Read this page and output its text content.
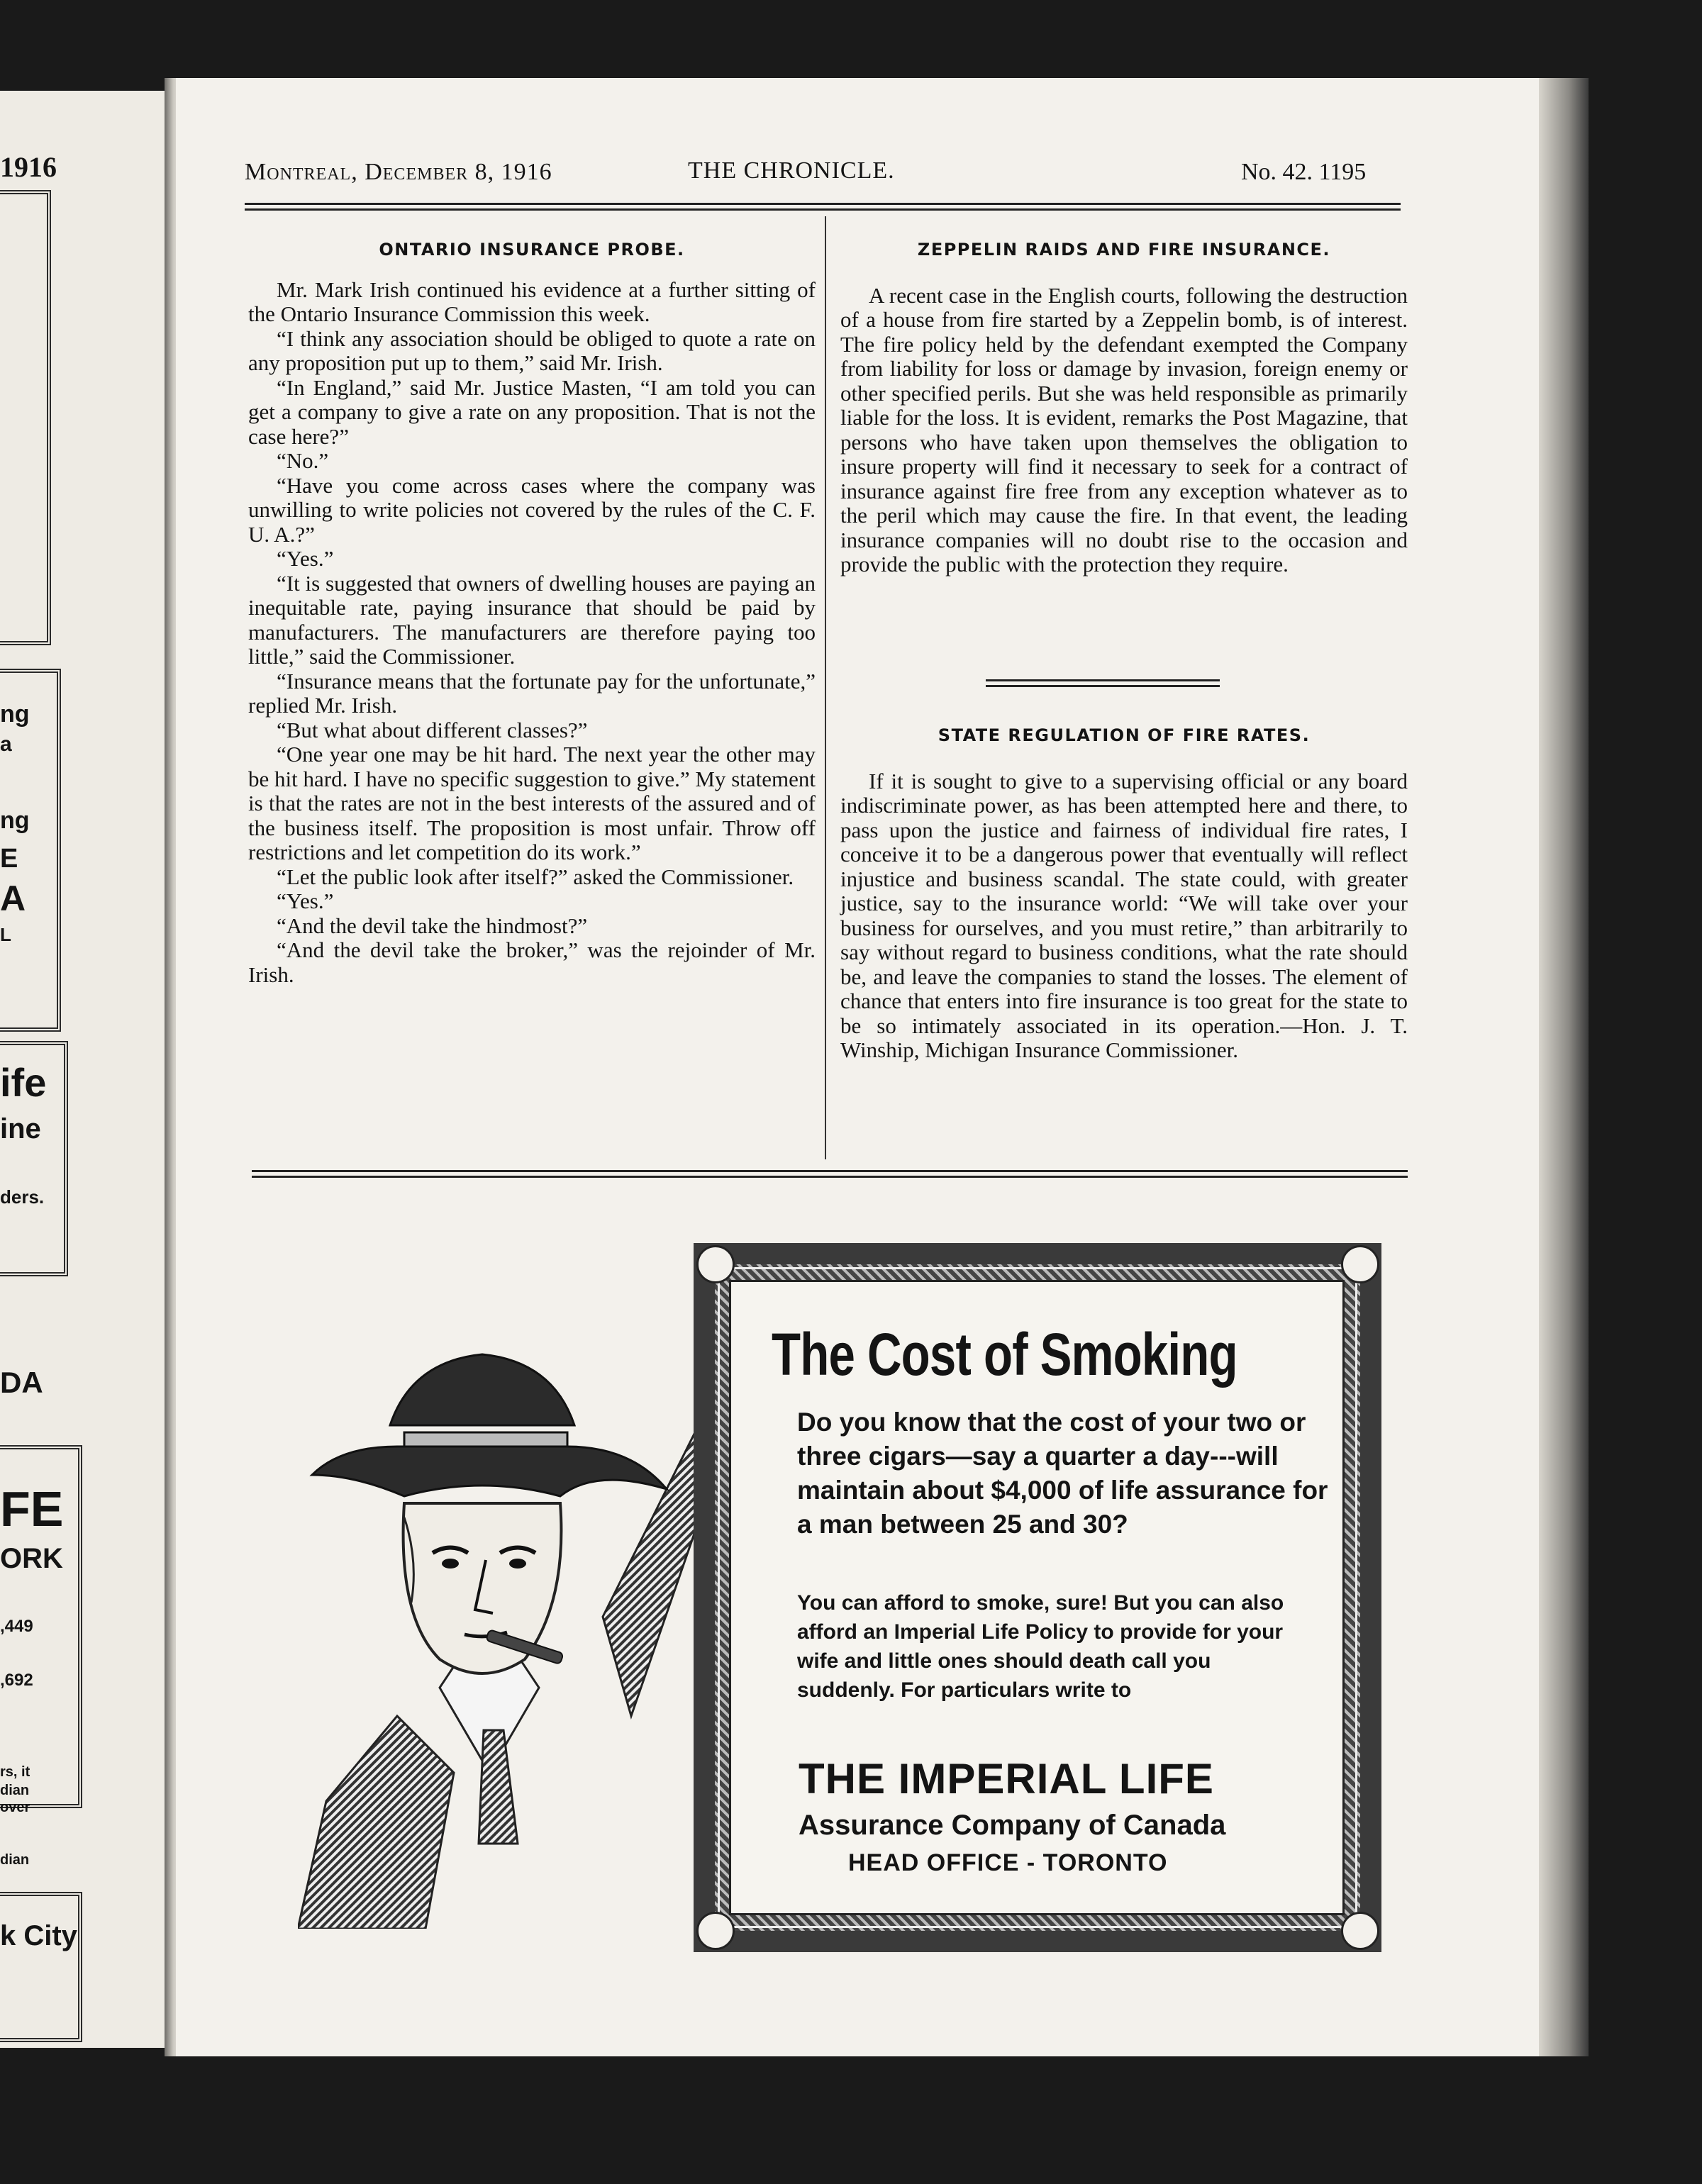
1916
ng
a
ng
E
A
L
ife
ine
ders.
DA
FE
ORK
,449
,692
rs, it
dian
over
dian
k City
Montreal, December 8, 1916	THE CHRONICLE.	No. 42. 1195

ONTARIO INSURANCE PROBE.

Mr. Mark Irish continued his evidence at a further sitting of the Ontario Insurance Commission this week.

“I think any association should be obliged to quote a rate on any proposition put up to them,” said Mr. Irish.

“In England,” said Mr. Justice Masten, “I am told you can get a company to give a rate on any proposition. That is not the case here?”

“No.”

“Have you come across cases where the company was unwilling to write policies not covered by the rules of the C. F. U. A.?”

“Yes.”

“It is suggested that owners of dwelling houses are paying an inequitable rate, paying insurance that should be paid by manufacturers. The manufacturers are therefore paying too little,” said the Commissioner.

“Insurance means that the fortunate pay for the unfortunate,” replied Mr. Irish.

“But what about different classes?”

“One year one may be hit hard. The next year the other may be hit hard. I have no specific suggestion to give.” My statement is that the rates are not in the best interests of the assured and of the business itself. The proposition is most unfair. Throw off restrictions and let competition do its work.”

“Let the public look after itself?” asked the Commissioner.

“Yes.”

“And the devil take the hindmost?”

“And the devil take the broker,” was the rejoinder of Mr. Irish.

ZEPPELIN RAIDS AND FIRE INSURANCE.

A recent case in the English courts, following the destruction of a house from fire started by a Zeppelin bomb, is of interest. The fire policy held by the defendant exempted the Company from liability for loss or damage by invasion, foreign enemy or other specified perils. But she was held responsible as primarily liable for the loss. It is evident, remarks the Post Magazine, that persons who have taken upon themselves the obligation to insure property will find it necessary to seek for a contract of insurance against fire free from any exception whatever as to the peril which may cause the fire. In that event, the leading insurance companies will no doubt rise to the occasion and provide the public with the protection they require.

STATE REGULATION OF FIRE RATES.

If it is sought to give to a supervising official or any board indiscriminate power, as has been attempted here and there, to pass upon the justice and fairness of individual fire rates, I conceive it to be a dangerous power that eventually will reflect injustice and business scandal. The state could, with greater justice, say to the insurance world: “We will take over your business for ourselves, and you must retire,” than arbitrarily to say without regard to business conditions, what the rate should be, and leave the companies to stand the losses. The element of chance that enters into fire insurance is too great for the state to be so intimately associated in its operation.—Hon. J. T. Winship, Michigan Insurance Commissioner.

The Cost of Smoking
Do you know that the cost of your two or three cigars—say a quarter a day---will maintain about $4,000 of life assurance for a man between 25 and 30?
You can afford to smoke, sure! But you can also afford an Imperial Life Policy to provide for your wife and little ones should death call you suddenly. For particulars write to
THE IMPERIAL LIFE
Assurance Company of Canada
HEAD OFFICE - TORONTO
